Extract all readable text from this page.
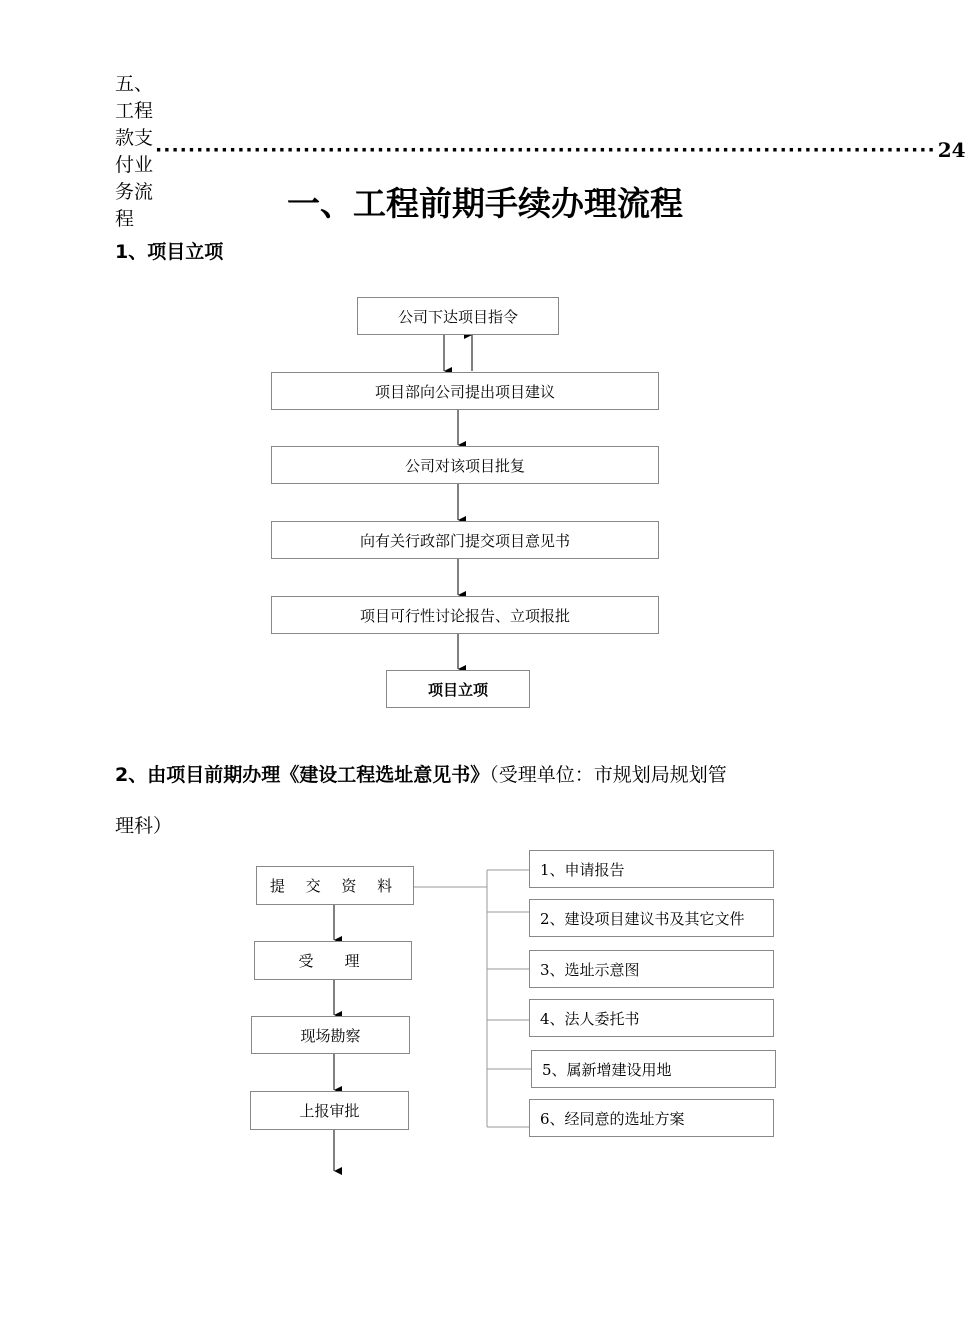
五、工程款支付业务流程
······························································································· 24
一、工程前期手续办理流程
1、项目立项
公司下达项目指令
项目部向公司提出项目建议
公司对该项目批复
向有关行政部门提交项目意见书
项目可行性讨论报告、立项报批
项目立项
2、由项目前期办理《建设工程选址意见书》（受理单位：市规划局规划管
理科）
提 交 资 料
受　理
现场勘察
上报审批
1、申请报告
2、建设项目建议书及其它文件
3、选址示意图
4、法人委托书
5、属新增建设用地
6、经同意的选址方案
